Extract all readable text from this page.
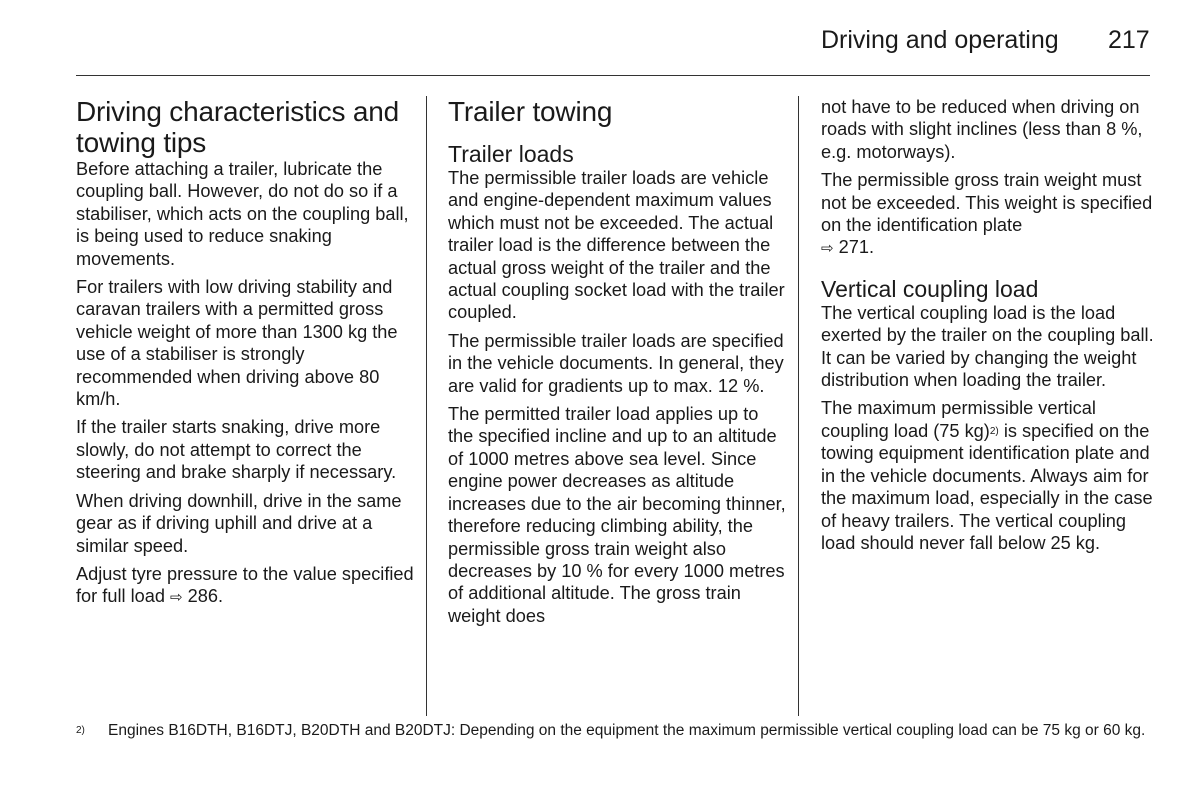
Driving and operating 217
Driving characteristics and towing tips

Before attaching a trailer, lubricate the coupling ball. However, do not do so if a stabiliser, which acts on the coupling ball, is being used to reduce snaking movements.

For trailers with low driving stability and caravan trailers with a permitted gross vehicle weight of more than 1300 kg the use of a stabiliser is strongly recommended when driving above 80 km/h.

If the trailer starts snaking, drive more slowly, do not attempt to correct the steering and brake sharply if necessary.

When driving downhill, drive in the same gear as if driving uphill and drive at a similar speed.

Adjust tyre pressure to the value specified for full load ⇨ 286.

Trailer towing
Trailer loads

The permissible trailer loads are vehicle and engine-dependent maximum values which must not be exceeded. The actual trailer load is the difference between the actual gross weight of the trailer and the actual coupling socket load with the trailer coupled.

The permissible trailer loads are specified in the vehicle documents. In general, they are valid for gradients up to max. 12 %.

The permitted trailer load applies up to the specified incline and up to an altitude of 1000 metres above sea level. Since engine power decreases as altitude increases due to the air becoming thinner, therefore reducing climbing ability, the permissible gross train weight also decreases by 10 % for every 1000 metres of additional altitude. The gross train weight does

not have to be reduced when driving on roads with slight inclines (less than 8 %, e.g. motorways).

The permissible gross train weight must not be exceeded. This weight is specified on the identification plate
⇨ 271.

Vertical coupling load

The vertical coupling load is the load exerted by the trailer on the coupling ball. It can be varied by changing the weight distribution when loading the trailer.

The maximum permissible vertical coupling load (75 kg)$^{2)}$ is specified on the towing equipment identification plate and in the vehicle documents. Always aim for the maximum load, especially in the case of heavy trailers. The vertical coupling load should never fall below 25 kg.

2) Engines B16DTH, B16DTJ, B20DTH and B20DTJ: Depending on the equipment the maximum permissible vertical coupling load can be 75 kg or 60 kg.
